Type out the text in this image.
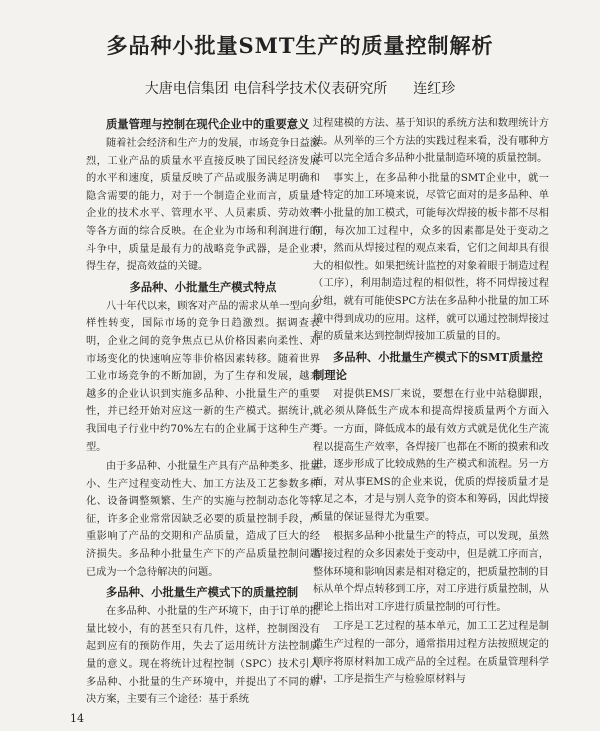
多品种小批量SMT生产的质量控制解析
大唐电信集团 电信科学技术仪表研究所 连红珍
质量管理与控制在现代企业中的重要意义

随着社会经济和生产力的发展，市场竞争日益激烈，工业产品的质量水平直接反映了国民经济发展的水平和速度，质量反映了产品或服务满足明确和隐含需要的能力，对于一个制造企业而言，质量是企业的技术水平、管理水平、人员素质、劳动效率等各方面的综合反映。在企业为市场和利润进行的斗争中，质量是最有力的战略竞争武器，是企业求得生存，提高效益的关键。

多品种、小批量生产模式特点

八十年代以来，顾客对产品的需求从单一型向多样性转变，国际市场的竞争日趋激烈。据调查表明，企业之间的竞争焦点已从价格因素向柔性、对市场变化的快速响应等非价格因素转移。随着世界工业市场竞争的不断加剧，为了生存和发展，越来越多的企业认识到实施多品种、小批量生产的重要性，并已经开始对应这一新的生产模式。据统计，我国电子行业中约70%左右的企业属于这种生产类型。

由于多品种、小批量生产具有产品种类多、批量小、生产过程变动性大、加工方法及工艺参数多样化、设备调整频繁、生产的实施与控制动态化等特征，许多企业常常因缺乏必要的质量控制手段，严重影响了产品的交期和产品质量，造成了巨大的经济损失。多品种小批量生产下的产品质量控制问题已成为一个急待解决的问题。

多品种、小批量生产模式下的质量控制

在多品种、小批量的生产环境下，由于订单的批量比较小，有的甚至只有几件，这样，控制图没有起到应有的预防作用，失去了运用统计方法控制质量的意义。现在将统计过程控制（SPC）技术引入多品种、小批量的生产环境中，并提出了不同的解决方案，主要有三个途径：基于系统

过程建模的方法、基于知识的系统方法和数理统计方法。从列举的三个方法的实践过程来看，没有哪种方法可以完全适合多品种小批量制造环境的质量控制。

事实上，在多品种小批量的SMT企业中，就一个特定的加工环境来说，尽管它面对的是多品种、单件小批量的加工模式，可能每次焊接的板卡都不尽相同，每次加工过程中，众多的因素都是处于变动之中，然而从焊接过程的观点来看，它们之间却具有很大的相似性。如果把统计监控的对象着眼于制造过程（工序），利用制造过程的相似性，将不同焊接过程分组，就有可能使SPC方法在多品种小批量的加工环境中得到成功的应用。这样，就可以通过控制焊接过程的质量来达到控制焊接加工质量的目的。

多品种、小批量生产模式下的SMT质量控制理论

对提供EMS厂来说，要想在行业中站稳脚跟，就必须从降低生产成本和提高焊接质量两个方面入手。一方面，降低成本的最有效方式就是优化生产流程以提高生产效率，各焊接厂也都在不断的摸索和改进，逐步形成了比较成熟的生产模式和流程。另一方面，对从事EMS的企业来说，优质的焊接质量才是立足之本，才是与别人竞争的资本和筹码，因此焊接质量的保证显得尤为重要。

根据多品种小批量生产的特点，可以发现，虽然焊接过程的众多因素处于变动中，但是就工序而言，整体环境和影响因素是相对稳定的，把质量控制的目标从单个焊点转移到工序，对工序进行质量控制，从理论上指出对工序进行质量控制的可行性。

工序是工艺过程的基本单元，加工工艺过程是制造生产过程的一部分，通常指用过程方法按照规定的顺序将原材料加工成产品的全过程。在质量管理科学中，工序是指生产与检验原材料与

14
